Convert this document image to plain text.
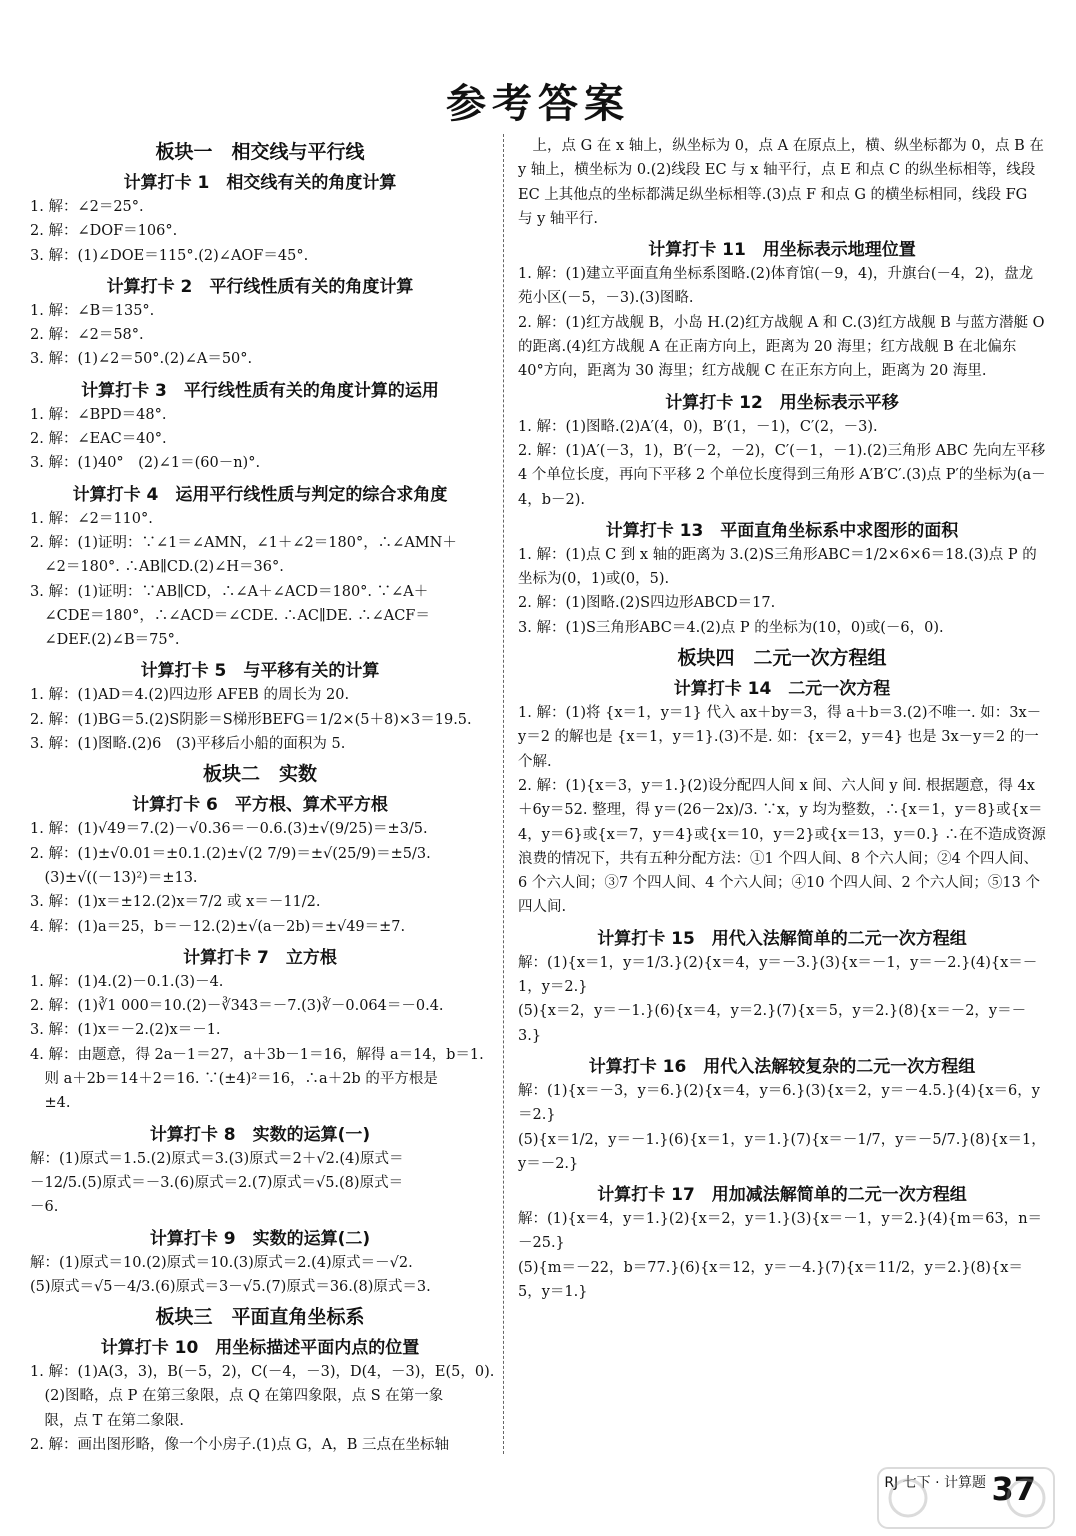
参考答案
板块一　相交线与平行线
计算打卡 1　相交线有关的角度计算
1. 解：∠2＝25°.
2. 解：∠DOF＝106°.
3. 解：(1)∠DOE＝115°.(2)∠AOF＝45°.
计算打卡 2　平行线性质有关的角度计算
1. 解：∠B＝135°.
2. 解：∠2＝58°.
3. 解：(1)∠2＝50°.(2)∠A＝50°.
计算打卡 3　平行线性质有关的角度计算的运用
1. 解：∠BPD＝48°.
2. 解：∠EAC＝40°.
3. 解：(1)40°　(2)∠1＝(60－n)°.
计算打卡 4　运用平行线性质与判定的综合求角度
1. 解：∠2＝110°.
2. 解：(1)证明：∵∠1＝∠AMN，∠1＋∠2＝180°，∴∠AMN＋
　∠2＝180°. ∴AB∥CD.(2)∠H＝36°.
3. 解：(1)证明：∵AB∥CD，∴∠A＋∠ACD＝180°. ∵∠A＋
　∠CDE＝180°，∴∠ACD＝∠CDE. ∴AC∥DE. ∴∠ACF＝
　∠DEF.(2)∠B＝75°.
计算打卡 5　与平移有关的计算
1. 解：(1)AD＝4.(2)四边形 AFEB 的周长为 20.
2. 解：(1)BG＝5.(2)S阴影＝S梯形BEFG＝1/2×(5＋8)×3＝19.5.
3. 解：(1)图略.(2)6　(3)平移后小船的面积为 5.
板块二　实数
计算打卡 6　平方根、算术平方根
1. 解：(1)√49＝7.(2)－√0.36＝－0.6.(3)±√(9/25)＝±3/5.
2. 解：(1)±√0.01＝±0.1.(2)±√(2 7/9)＝±√(25/9)＝±5/3.
　(3)±√((－13)²)＝±13.
3. 解：(1)x＝±12.(2)x＝7/2 或 x＝－11/2.
4. 解：(1)a＝25，b＝－12.(2)±√(a－2b)＝±√49＝±7.
计算打卡 7　立方根
1. 解：(1)4.(2)－0.1.(3)－4.
2. 解：(1)∛1 000＝10.(2)－∛343＝－7.(3)∛－0.064＝－0.4.
3. 解：(1)x＝－2.(2)x＝－1.
4. 解：由题意，得 2a－1＝27，a＋3b－1＝16，解得 a＝14，b＝1.
　则 a＋2b＝14＋2＝16. ∵(±4)²＝16，∴a＋2b 的平方根是
　±4.
计算打卡 8　实数的运算(一)
解：(1)原式＝1.5.(2)原式＝3.(3)原式＝2＋√2.(4)原式＝
－12/5.(5)原式＝－3.(6)原式＝2.(7)原式＝√5.(8)原式＝
－6.
计算打卡 9　实数的运算(二)
解：(1)原式＝10.(2)原式＝10.(3)原式＝2.(4)原式＝－√2.
(5)原式＝√5－4/3.(6)原式＝3－√5.(7)原式＝36.(8)原式＝3.
板块三　平面直角坐标系
计算打卡 10　用坐标描述平面内点的位置
1. 解：(1)A(3，3)，B(－5，2)，C(－4，－3)，D(4，－3)，E(5，0).
　(2)图略，点 P 在第三象限，点 Q 在第四象限，点 S 在第一象
　限，点 T 在第二象限.
2. 解：画出图形略，像一个小房子.(1)点 G，A，B 三点在坐标轴
　上，点 G 在 x 轴上，纵坐标为 0，点 A 在原点上，横、纵坐标都为 0，点 B 在 y 轴上，横坐标为 0.(2)线段 EC 与 x 轴平行，点 E 和点 C 的纵坐标相等，线段 EC 上其他点的坐标都满足纵坐标相等.(3)点 F 和点 G 的横坐标相同，线段 FG 与 y 轴平行.
计算打卡 11　用坐标表示地理位置
1. 解：(1)建立平面直角坐标系图略.(2)体育馆(－9，4)，升旗台(－4，2)，盘龙苑小区(－5，－3).(3)图略.
2. 解：(1)红方战舰 B，小岛 H.(2)红方战舰 A 和 C.(3)红方战舰 B 与蓝方潜艇 O 的距离.(4)红方战舰 A 在正南方向上，距离为 20 海里；红方战舰 B 在北偏东 40°方向，距离为 30 海里；红方战舰 C 在正东方向上，距离为 20 海里.
计算打卡 12　用坐标表示平移
1. 解：(1)图略.(2)A′(4，0)，B′(1，－1)，C′(2，－3).
2. 解：(1)A′(－3，1)，B′(－2，－2)，C′(－1，－1).(2)三角形 ABC 先向左平移 4 个单位长度，再向下平移 2 个单位长度得到三角形 A′B′C′.(3)点 P′的坐标为(a－4，b－2).
计算打卡 13　平面直角坐标系中求图形的面积
1. 解：(1)点 C 到 x 轴的距离为 3.(2)S三角形ABC＝1/2×6×6＝18.(3)点 P 的坐标为(0，1)或(0，5).
2. 解：(1)图略.(2)S四边形ABCD＝17.
3. 解：(1)S三角形ABC＝4.(2)点 P 的坐标为(10，0)或(－6，0).
板块四　二元一次方程组
计算打卡 14　二元一次方程
1. 解：(1)将 {x＝1，y＝1} 代入 ax＋by＝3，得 a＋b＝3.(2)不唯一. 如：3x－y＝2 的解也是 {x＝1，y＝1}.(3)不是. 如：{x＝2，y＝4} 也是 3x－y＝2 的一个解.
2. 解：(1){x＝3，y＝1.}(2)设分配四人间 x 间、六人间 y 间. 根据题意，得 4x＋6y＝52. 整理，得 y＝(26－2x)/3. ∵x，y 均为整数，∴{x＝1，y＝8}或{x＝4，y＝6}或{x＝7，y＝4}或{x＝10，y＝2}或{x＝13，y＝0.} ∴在不造成资源浪费的情况下，共有五种分配方法：①1 个四人间、8 个六人间；②4 个四人间、6 个六人间；③7 个四人间、4 个六人间；④10 个四人间、2 个六人间；⑤13 个四人间.
计算打卡 15　用代入法解简单的二元一次方程组
解：(1){x＝1，y＝1/3.}(2){x＝4，y＝－3.}(3){x＝－1，y＝－2.}(4){x＝－1，y＝2.}
(5){x＝2，y＝－1.}(6){x＝4，y＝2.}(7){x＝5，y＝2.}(8){x＝－2，y＝－3.}
计算打卡 16　用代入法解较复杂的二元一次方程组
解：(1){x＝－3，y＝6.}(2){x＝4，y＝6.}(3){x＝2，y＝－4.5.}(4){x＝6，y＝2.}
(5){x＝1/2，y＝－1.}(6){x＝1，y＝1.}(7){x＝－1/7，y＝－5/7.}(8){x＝1，y＝－2.}
计算打卡 17　用加减法解简单的二元一次方程组
解：(1){x＝4，y＝1.}(2){x＝2，y＝1.}(3){x＝－1，y＝2.}(4){m＝63，n＝－25.}
(5){m＝－22，b＝77.}(6){x＝12，y＝－4.}(7){x＝11/2，y＝2.}(8){x＝5，y＝1.}
RJ 七下 · 计算题 37
